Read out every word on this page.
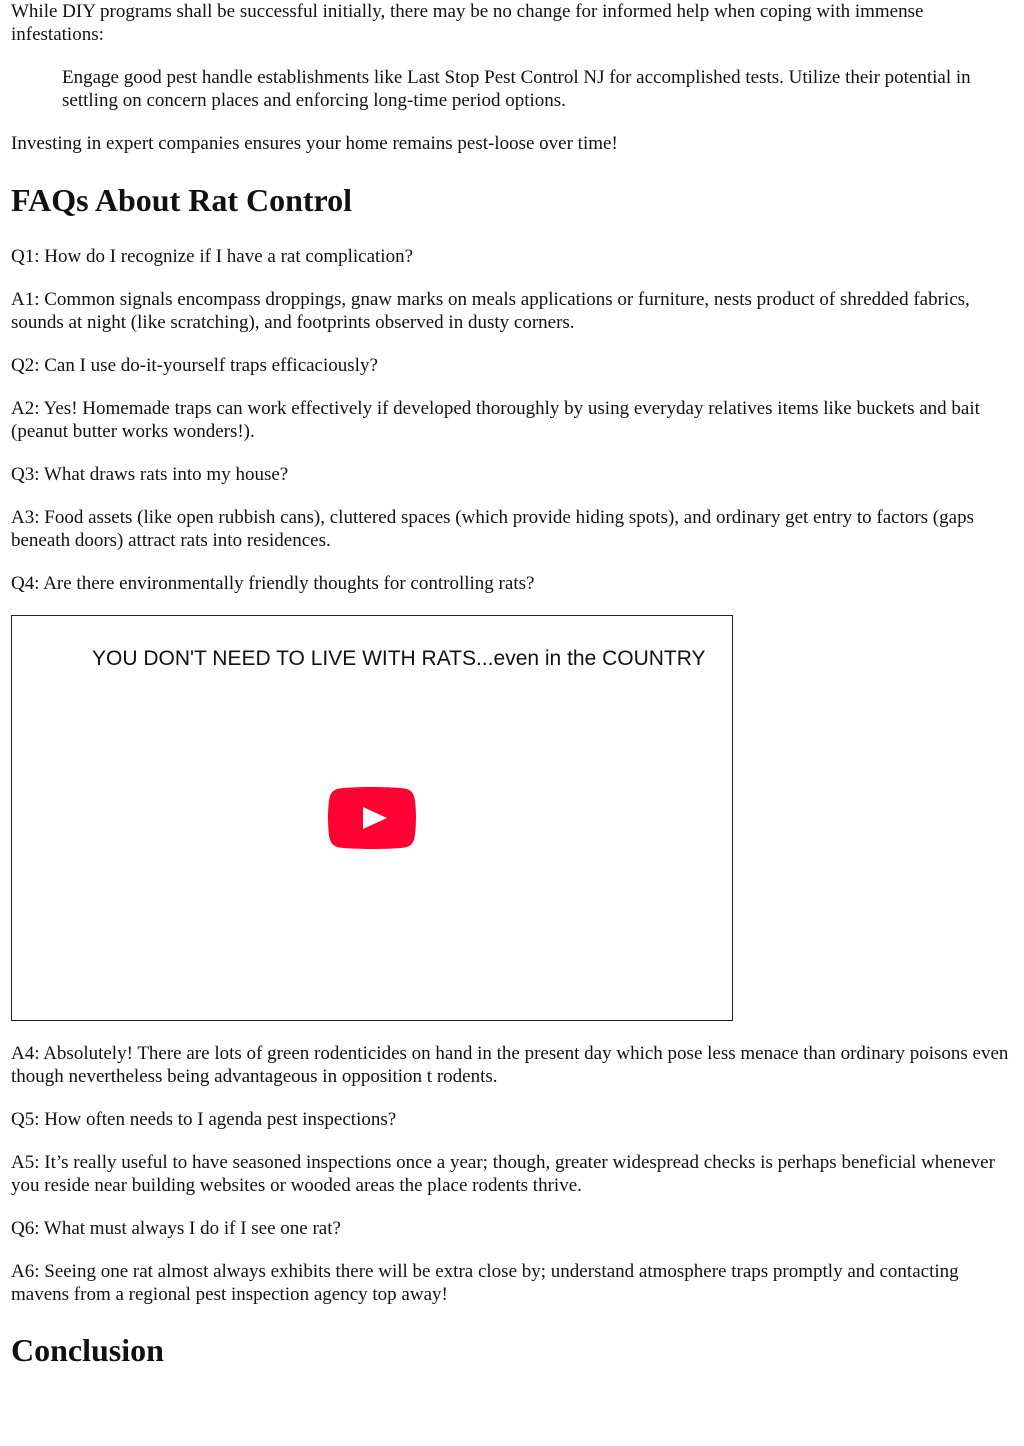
While DIY programs shall be successful initially, there may be no change for informed help when coping with immense infestations:

Engage good pest handle establishments like Last Stop Pest Control NJ for accomplished tests. Utilize their potential in settling on concern places and enforcing long-time period options.

Investing in expert companies ensures your home remains pest-loose over time!

FAQs About Rat Control

Q1: How do I recognize if I have a rat complication?

A1: Common signals encompass droppings, gnaw marks on meals applications or furniture, nests product of shredded fabrics, sounds at night (like scratching), and footprints observed in dusty corners.

Q2: Can I use do-it-yourself traps efficaciously?

A2: Yes! Homemade traps can work effectively if developed thoroughly by using everyday relatives items like buckets and bait (peanut butter works wonders!).

Q3: What draws rats into my house?

A3: Food assets (like open rubbish cans), cluttered spaces (which provide hiding spots), and ordinary get entry to factors (gaps beneath doors) attract rats into residences.

Q4: Are there environmentally friendly thoughts for controlling rats?

YOU DON'T NEED TO LIVE WITH RATS...even in the COUNTRY

A4: Absolutely! There are lots of green rodenticides on hand in the present day which pose less menace than ordinary poisons even though nevertheless being advantageous in opposition t rodents.

Q5: How often needs to I agenda pest inspections?

A5: It’s really useful to have seasoned inspections once a year; though, greater widespread checks is perhaps beneficial whenever you reside near building websites or wooded areas the place rodents thrive.

Q6: What must always I do if I see one rat?

A6: Seeing one rat almost always exhibits there will be extra close by; understand atmosphere traps promptly and contacting mavens from a regional pest inspection agency top away!

Conclusion
